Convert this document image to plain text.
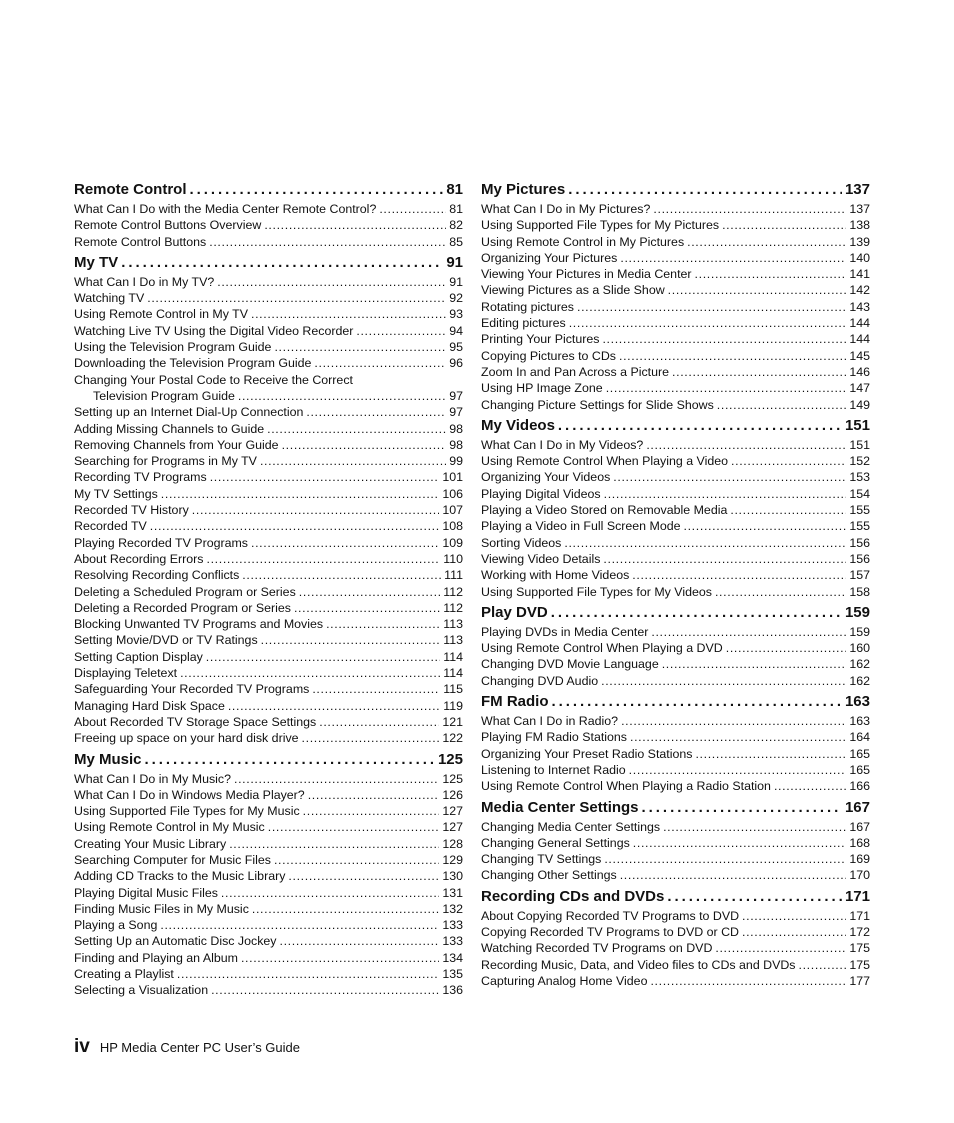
Remote Control . . .	81
What Can I Do with the Media Center Remote Control? . . .	81
Remote Control Buttons Overview . . .	82
Remote Control Buttons . . .	85
My TV . . .	91
What Can I Do in My TV? . . .	91
Watching TV . . .	92
Using Remote Control in My TV . . .	93
Watching Live TV Using the Digital Video Recorder . . .	94
Using the Television Program Guide . . .	95
Downloading the Television Program Guide . . .	96
Changing Your Postal Code to Receive the Correct
Television Program Guide . . .	97
Setting up an Internet Dial-Up Connection . . .	97
Adding Missing Channels to Guide . . .	98
Removing Channels from Your Guide . . .	98
Searching for Programs in My TV . . .	99
Recording TV Programs . . .	101
My TV Settings . . .	106
Recorded TV History . . .	107
Recorded TV . . .	108
Playing Recorded TV Programs . . .	109
About Recording Errors . . .	110
Resolving Recording Conflicts . . .	111
Deleting a Scheduled Program or Series . . .	112
Deleting a Recorded Program or Series . . .	112
Blocking Unwanted TV Programs and Movies . . .	113
Setting Movie/DVD or TV Ratings . . .	113
Setting Caption Display . . .	114
Displaying Teletext . . .	114
Safeguarding Your Recorded TV Programs . . .	115
Managing Hard Disk Space . . .	119
About Recorded TV Storage Space Settings . . .	121
Freeing up space on your hard disk drive . . .	122
My Music . . .	125
What Can I Do in My Music? . . .	125
What Can I Do in Windows Media Player? . . .	126
Using Supported File Types for My Music . . .	127
Using Remote Control in My Music . . .	127
Creating Your Music Library . . .	128
Searching Computer for Music Files . . .	129
Adding CD Tracks to the Music Library . . .	130
Playing Digital Music Files . . .	131
Finding Music Files in My Music . . .	132
Playing a Song . . .	133
Setting Up an Automatic Disc Jockey . . .	133
Finding and Playing an Album . . .	134
Creating a Playlist . . .	135
Selecting a Visualization . . .	136
My Pictures . . .	137
What Can I Do in My Pictures? . . .	137
Using Supported File Types for My Pictures . . .	138
Using Remote Control in My Pictures . . .	139
Organizing Your Pictures . . .	140
Viewing Your Pictures in Media Center . . .	141
Viewing Pictures as a Slide Show . . .	142
Rotating pictures . . .	143
Editing pictures . . .	144
Printing Your Pictures . . .	144
Copying Pictures to CDs . . .	145
Zoom In and Pan Across a Picture . . .	146
Using HP Image Zone . . .	147
Changing Picture Settings for Slide Shows . . .	149
My Videos . . .	151
What Can I Do in My Videos? . . .	151
Using Remote Control When Playing a Video . . .	152
Organizing Your Videos . . .	153
Playing Digital Videos . . .	154
Playing a Video Stored on Removable Media . . .	155
Playing a Video in Full Screen Mode . . .	155
Sorting Videos . . .	156
Viewing Video Details . . .	156
Working with Home Videos . . .	157
Using Supported File Types for My Videos . . .	158
Play DVD . . .	159
Playing DVDs in Media Center . . .	159
Using Remote Control When Playing a DVD . . .	160
Changing DVD Movie Language . . .	162
Changing DVD Audio . . .	162
FM Radio . . .	163
What Can I Do in Radio? . . .	163
Playing FM Radio Stations . . .	164
Organizing Your Preset Radio Stations . . .	165
Listening to Internet Radio . . .	165
Using Remote Control When Playing a Radio Station . . .	166
Media Center Settings . . .	167
Changing Media Center Settings . . .	167
Changing General Settings . . .	168
Changing TV Settings . . .	169
Changing Other Settings . . .	170
Recording CDs and DVDs . . .	171
About Copying Recorded TV Programs to DVD . . .	171
Copying Recorded TV Programs to DVD or CD . . .	172
Watching Recorded TV Programs on DVD . . .	175
Recording Music, Data, and Video files to CDs and DVDs . . .	175
Capturing Analog Home Video . . .	177
iv HP Media Center PC User’s Guide
